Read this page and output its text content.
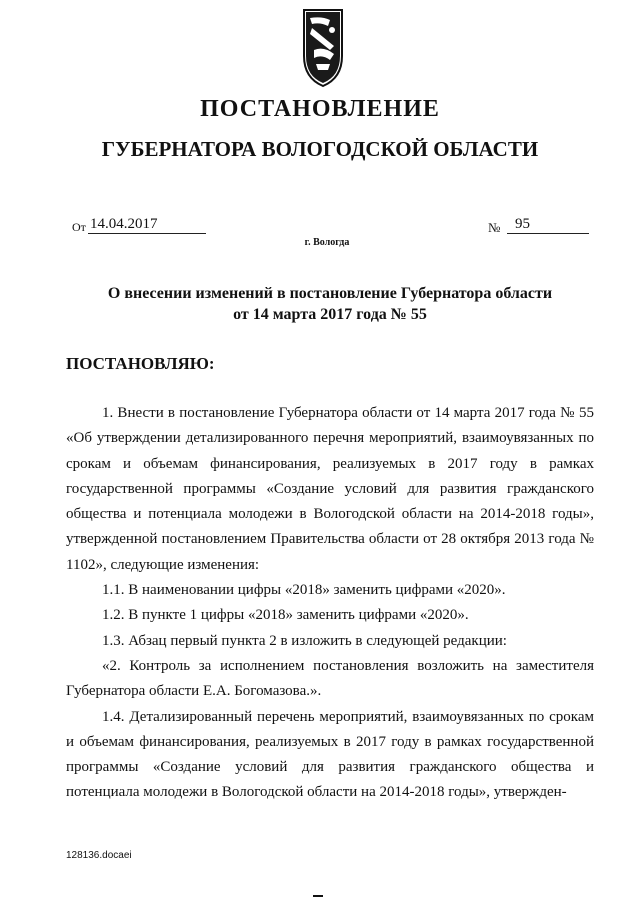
ПОСТАНОВЛЕНИЕ
ГУБЕРНАТОРА ВОЛОГОДСКОЙ ОБЛАСТИ
От 14.04.2017	№ 95
г. Вологда
О внесении изменений в постановление Губернатора области
от 14 марта 2017 года № 55
ПОСТАНОВЛЯЮ:

1. Внести в постановление Губернатора области от 14 марта 2017 года № 55 «Об утверждении детализированного перечня мероприятий, взаимоувязанных по срокам и объемам финансирования, реализуемых в 2017 году в рамках государственной программы «Создание условий для развития гражданского общества и потенциала молодежи в Вологодской области на 2014-2018 годы», утвержденной постановлением Правительства области от 28 октября 2013 года № 1102», следующие изменения:

1.1. В наименовании цифры «2018» заменить цифрами «2020».

1.2. В пункте 1 цифры «2018» заменить цифрами «2020».

1.3. Абзац первый пункта 2 в изложить в следующей редакции:

«2. Контроль за исполнением постановления возложить на заместителя Губернатора области Е.А. Богомазова.».

1.4. Детализированный перечень мероприятий, взаимоувязанных по срокам и объемам финансирования, реализуемых в 2017 году в рамках государственной программы «Создание условий для развития гражданского общества и потенциала молодежи в Вологодской области на 2014-2018 годы», утвержден-

128136.docaei
